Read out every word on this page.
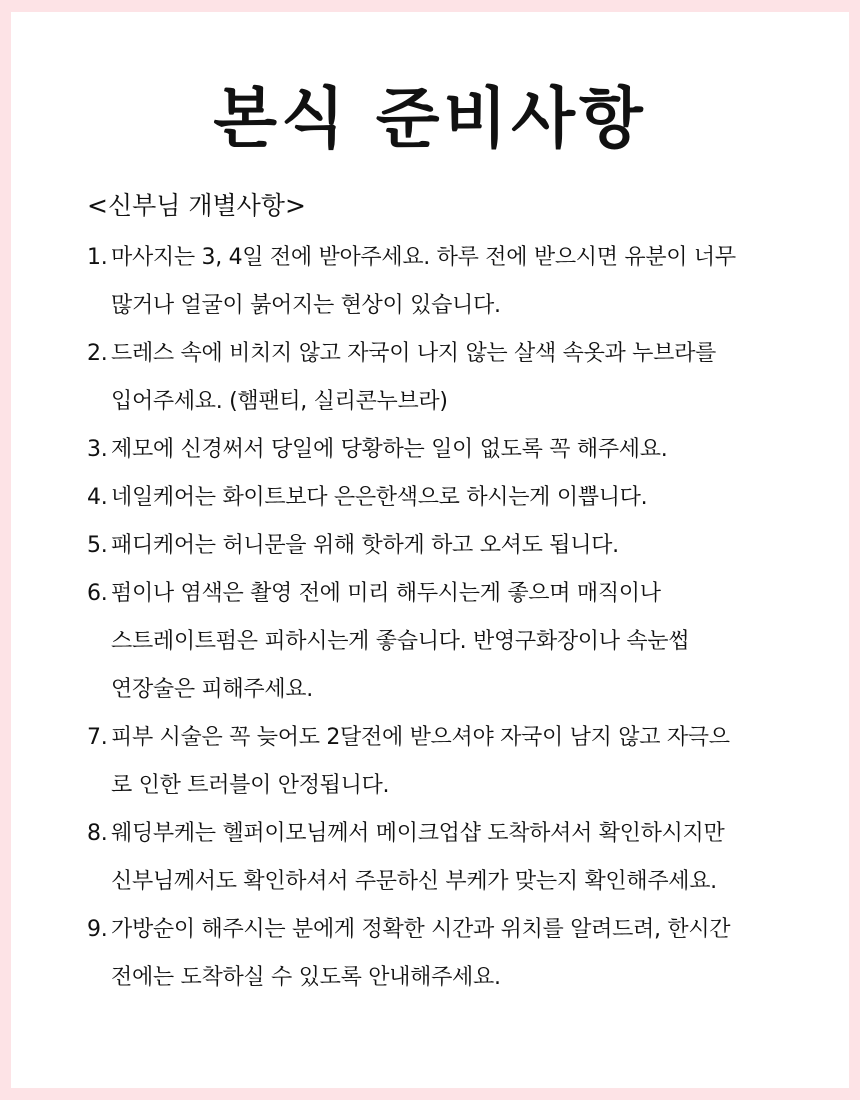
본식 준비사항

<신부님 개별사항>

1. 마사지는 3, 4일 전에 받아주세요. 하루 전에 받으시면 유분이 너무
많거나 얼굴이 붉어지는 현상이 있습니다.
2. 드레스 속에 비치지 않고 자국이 나지 않는 살색 속옷과 누브라를
입어주세요. (햄팬티, 실리콘누브라)
3. 제모에 신경써서 당일에 당황하는 일이 없도록 꼭 해주세요.
4. 네일케어는 화이트보다 은은한색으로 하시는게 이쁩니다.
5. 패디케어는 허니문을 위해 핫하게 하고 오셔도 됩니다.
6. 펌이나 염색은 촬영 전에 미리 해두시는게 좋으며 매직이나
스트레이트펌은 피하시는게 좋습니다. 반영구화장이나 속눈썹
연장술은 피해주세요.
7. 피부 시술은 꼭 늦어도 2달전에 받으셔야 자국이 남지 않고 자극으
로 인한 트러블이 안정됩니다.
8. 웨딩부케는 헬퍼이모님께서 메이크업샵 도착하셔서 확인하시지만
신부님께서도 확인하셔서 주문하신 부케가 맞는지 확인해주세요.
9. 가방순이 해주시는 분에게 정확한 시간과 위치를 알려드려, 한시간
전에는 도착하실 수 있도록 안내해주세요.
